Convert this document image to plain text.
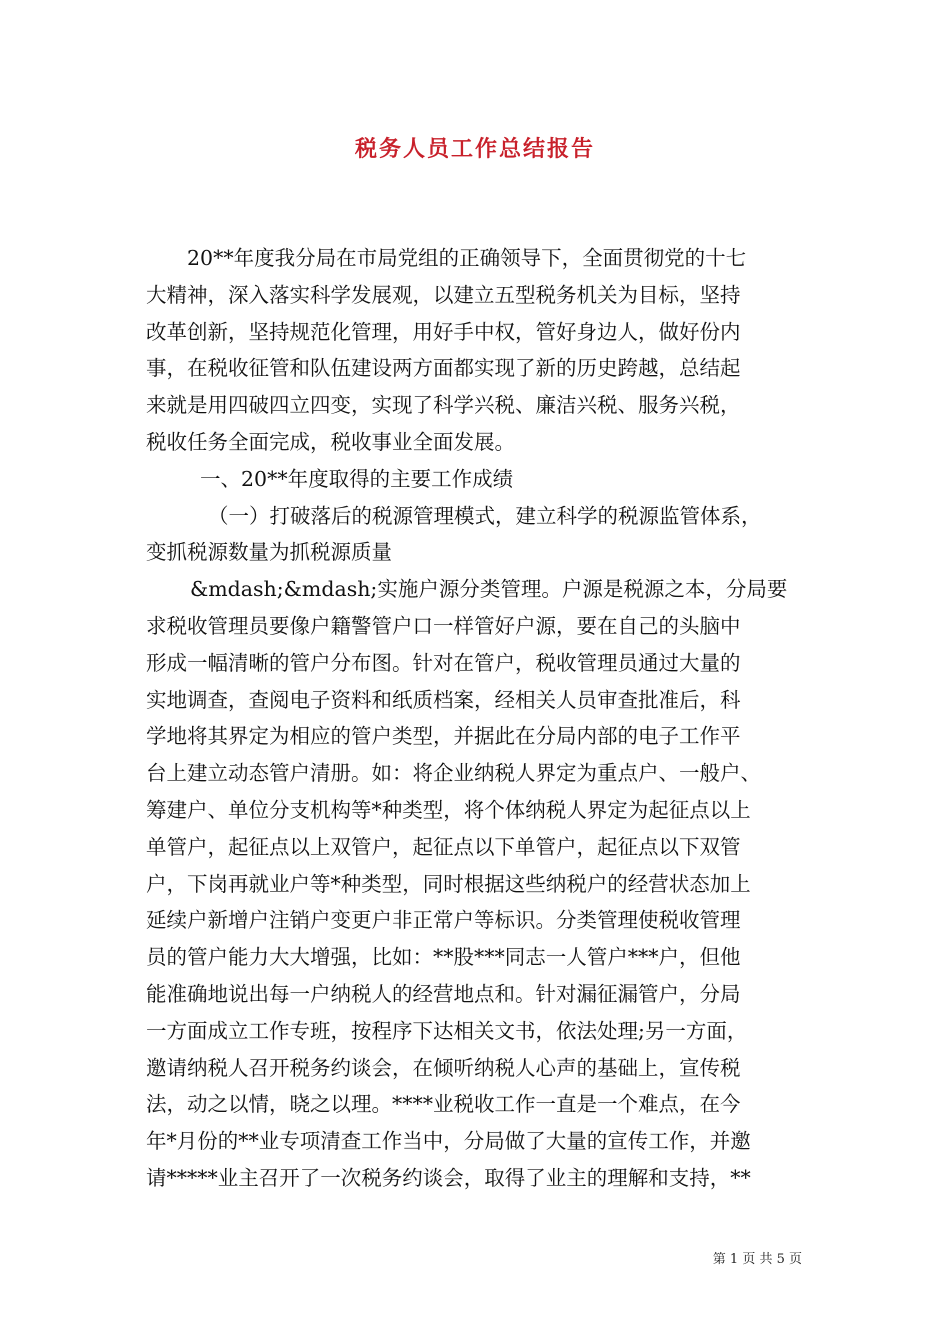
税务人员工作总结报告
20**年度我分局在市局党组的正确领导下，全面贯彻党的十七
大精神，深入落实科学发展观，以建立五型税务机关为目标，坚持
改革创新，坚持规范化管理，用好手中权，管好身边人，做好份内
事，在税收征管和队伍建设两方面都实现了新的历史跨越，总结起
来就是用四破四立四变，实现了科学兴税、廉洁兴税、服务兴税，
税收任务全面完成，税收事业全面发展。
一、20**年度取得的主要工作成绩
（一）打破落后的税源管理模式，建立科学的税源监管体系，
变抓税源数量为抓税源质量
&mdash;&mdash;实施户源分类管理。户源是税源之本，分局要
求税收管理员要像户籍警管户口一样管好户源，要在自己的头脑中
形成一幅清晰的管户分布图。针对在管户，税收管理员通过大量的
实地调查，查阅电子资料和纸质档案，经相关人员审查批准后，科
学地将其界定为相应的管户类型，并据此在分局内部的电子工作平
台上建立动态管户清册。如：将企业纳税人界定为重点户、一般户、
筹建户、单位分支机构等*种类型，将个体纳税人界定为起征点以上
单管户，起征点以上双管户，起征点以下单管户，起征点以下双管
户，下岗再就业户等*种类型，同时根据这些纳税户的经营状态加上
延续户新增户注销户变更户非正常户等标识。分类管理使税收管理
员的管户能力大大增强，比如：**股***同志一人管户***户，但他
能准确地说出每一户纳税人的经营地点和。针对漏征漏管户，分局
一方面成立工作专班，按程序下达相关文书，依法处理;另一方面，
邀请纳税人召开税务约谈会，在倾听纳税人心声的基础上，宣传税
法，动之以情，晓之以理。****业税收工作一直是一个难点，在今
年*月份的**业专项清查工作当中，分局做了大量的宣传工作，并邀
请*****业主召开了一次税务约谈会，取得了业主的理解和支持，**
第 1 页 共 5 页
